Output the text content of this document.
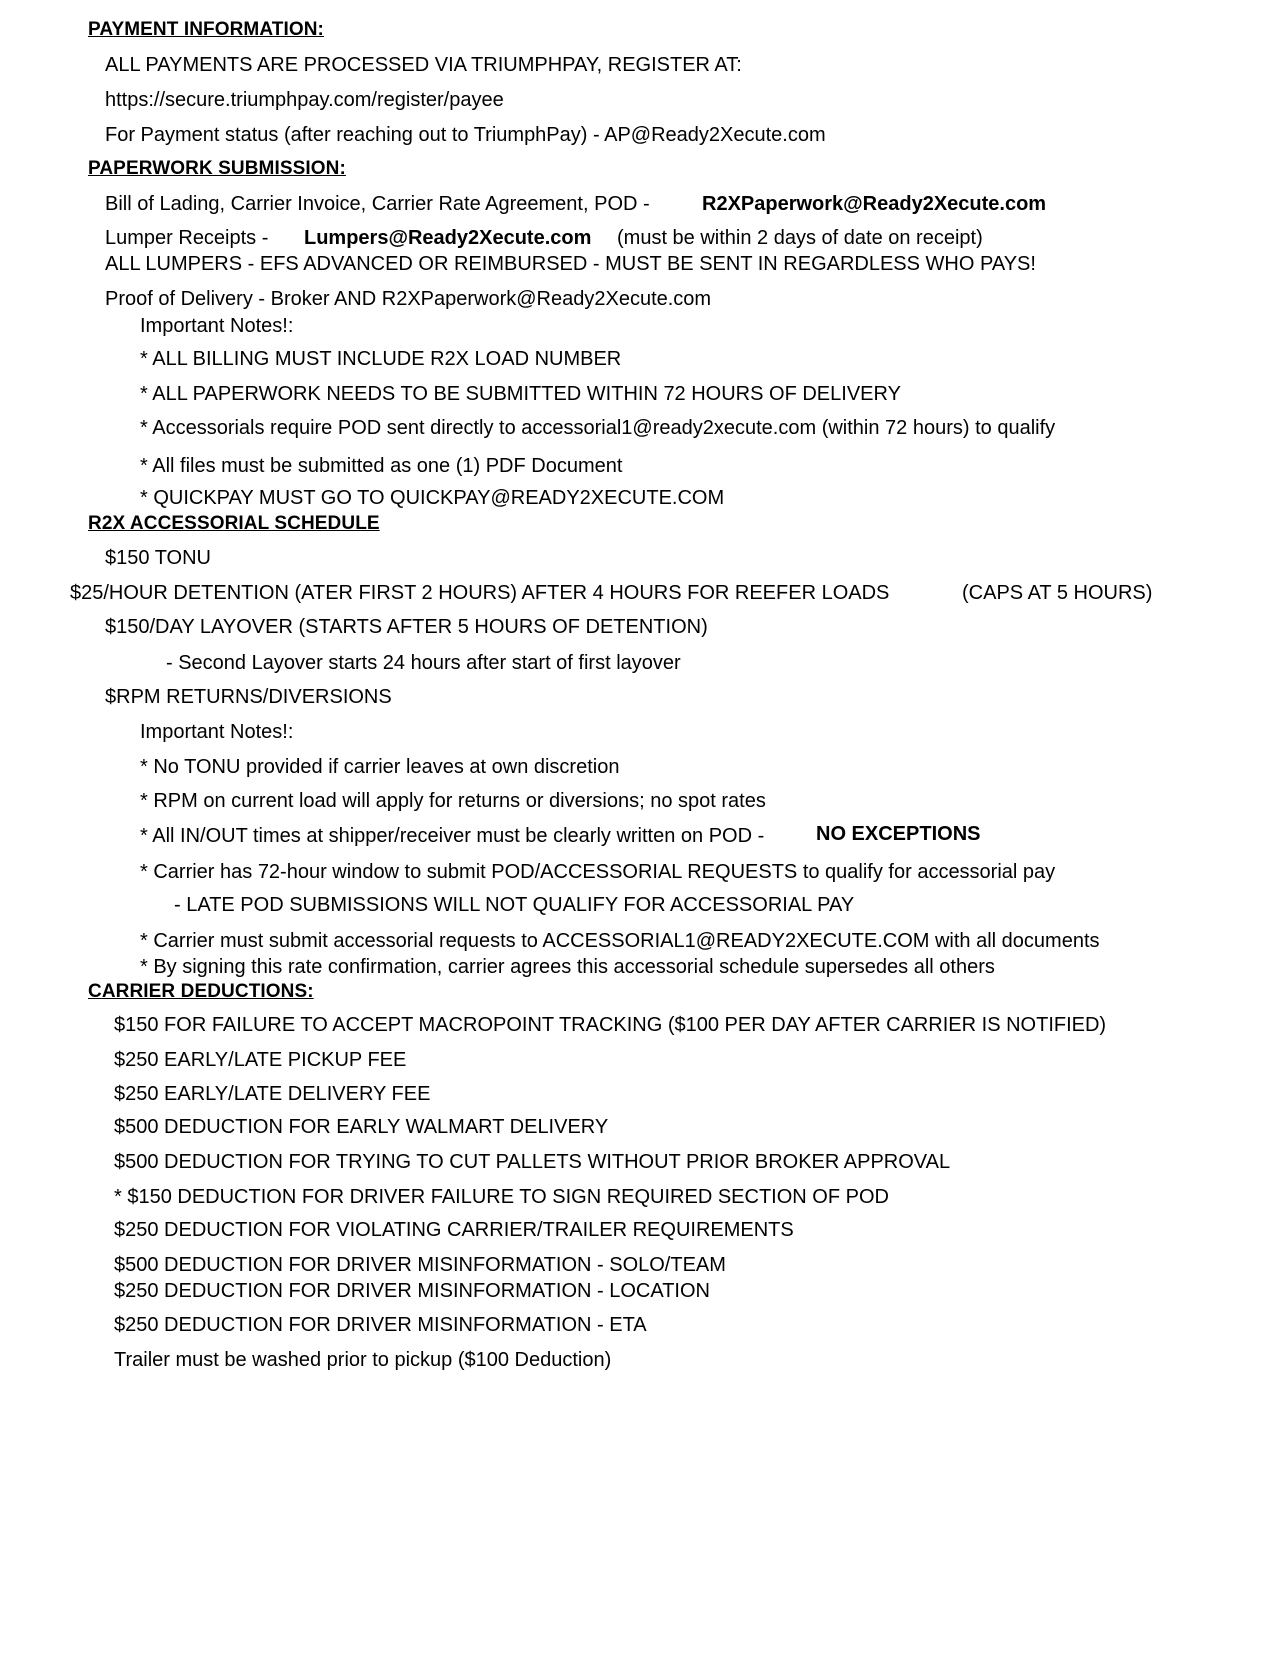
PAYMENT INFORMATION:
ALL PAYMENTS ARE PROCESSED VIA TRIUMPHPAY, REGISTER AT:
https://secure.triumphpay.com/register/payee
For Payment status (after reaching out to TriumphPay) - AP@Ready2Xecute.com
PAPERWORK SUBMISSION:
Bill of Lading, Carrier Invoice, Carrier Rate Agreement, POD -	R2XPaperwork@Ready2Xecute.com
Lumper Receipts - Lumpers@Ready2Xecute.com (must be within 2 days of date on receipt)
ALL LUMPERS - EFS ADVANCED OR REIMBURSED - MUST BE SENT IN REGARDLESS WHO PAYS!
Proof of Delivery - Broker AND R2XPaperwork@Ready2Xecute.com
Important Notes!:
* ALL BILLING MUST INCLUDE R2X LOAD NUMBER
* ALL PAPERWORK NEEDS TO BE SUBMITTED WITHIN 72 HOURS OF DELIVERY
* Accessorials require POD sent directly to accessorial1@ready2xecute.com (within 72 hours) to qualify
* All files must be submitted as one (1) PDF Document
* QUICKPAY MUST GO TO QUICKPAY@READY2XECUTE.COM
R2X ACCESSORIAL SCHEDULE
$150 TONU
$25/HOUR DETENTION (ATER FIRST 2 HOURS) AFTER 4 HOURS FOR REEFER LOADS	(CAPS AT 5 HOURS)
$150/DAY LAYOVER (STARTS AFTER 5 HOURS OF DETENTION)
- Second Layover starts 24 hours after start of first layover
$RPM RETURNS/DIVERSIONS
Important Notes!:
* No TONU provided if carrier leaves at own discretion
* RPM on current load will apply for returns or diversions; no spot rates
* All IN/OUT times at shipper/receiver must be clearly written on POD -	NO EXCEPTIONS
* Carrier has 72-hour window to submit POD/ACCESSORIAL REQUESTS to qualify for accessorial pay
- LATE POD SUBMISSIONS WILL NOT QUALIFY FOR ACCESSORIAL PAY
* Carrier must submit accessorial requests to ACCESSORIAL1@READY2XECUTE.COM with all documents
* By signing this rate confirmation, carrier agrees this accessorial schedule supersedes all others
CARRIER DEDUCTIONS:
$150 FOR FAILURE TO ACCEPT MACROPOINT TRACKING ($100 PER DAY AFTER CARRIER IS NOTIFIED)
$250 EARLY/LATE PICKUP FEE
$250 EARLY/LATE DELIVERY FEE
$500 DEDUCTION FOR EARLY WALMART DELIVERY
$500 DEDUCTION FOR TRYING TO CUT PALLETS WITHOUT PRIOR BROKER APPROVAL
* $150 DEDUCTION FOR DRIVER FAILURE TO SIGN REQUIRED SECTION OF POD
$250 DEDUCTION FOR VIOLATING CARRIER/TRAILER REQUIREMENTS
$500 DEDUCTION FOR DRIVER MISINFORMATION - SOLO/TEAM
$250 DEDUCTION FOR DRIVER MISINFORMATION - LOCATION
$250 DEDUCTION FOR DRIVER MISINFORMATION - ETA
Trailer must be washed prior to pickup ($100 Deduction)
